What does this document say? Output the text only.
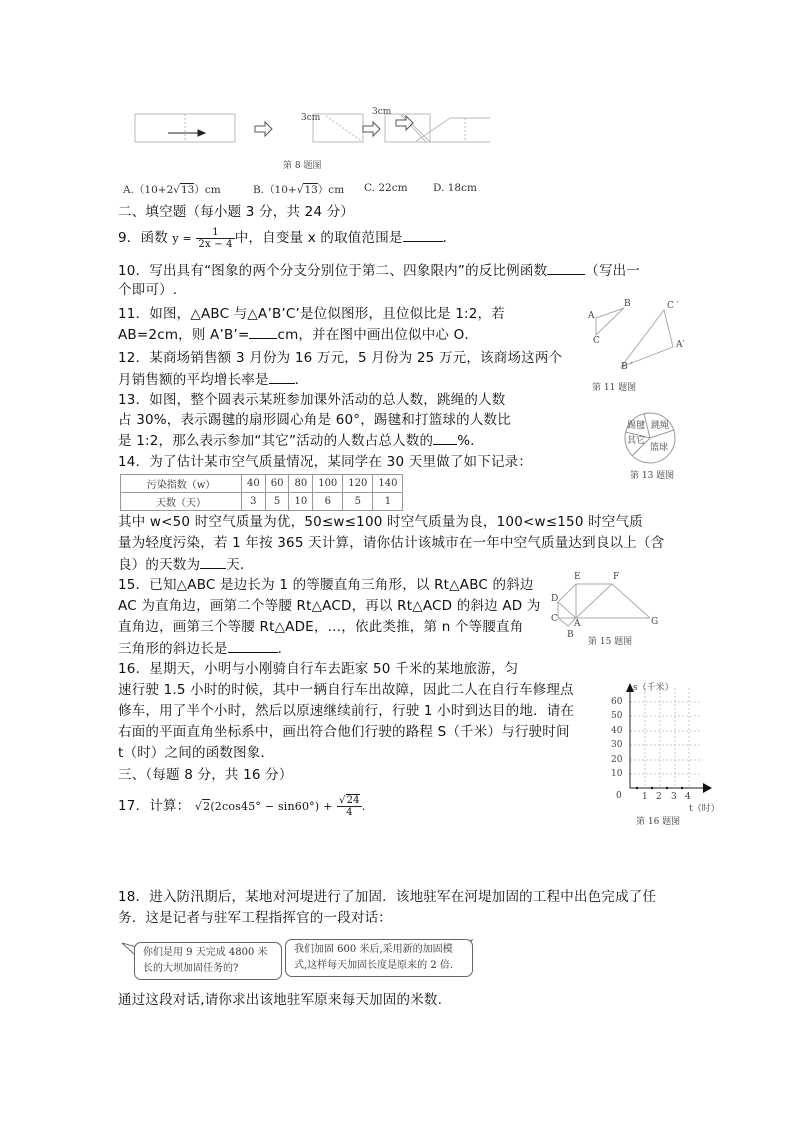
3cm
3cm
第 8 题图
A.（10+2√13）cm	B.（10+√13）cm C. 22cm D. 18cm
二、填空题（每小题 3 分，共 24 分）
9．函数 $y = \frac{1}{2x - 4}$ 中，自变量 x 的取值范围是	．
10．写出具有“图象的两个分支分别位于第二、四象限内”的反比例函数	（写出一
个即可）.
11．如图，△ABC 与△A’B’C’是位似图形，且位似比是 1:2，若
AB=2cm，则 A’B’= cm，并在图中画出位似中心 O．
A
B
C
C ′
A′
B ′
第 11 题图
12．某商场销售额 3 月份为 16 万元，5 月份为 25 万元，该商场这两个
月销售额的平均增长率是 ．
13．如图，整个圆表示某班参加课外活动的总人数，跳绳的人数
占 30%，表示踢毽的扇形圆心角是 60°，踢毽和打篮球的人数比
是 1:2，那么表示参加“其它”活动的人数占总人数的 %．
踢毽 跳绳
其它
篮球
第 13 题图
14．为了估计某市空气质量情况，某同学在 30 天里做了如下记录：
污染指数（w）	40	60	80	100	120	140
天数（天）	3	5	10	6	5	1
其中 w<50 时空气质量为优，50≤w≤100 时空气质量为良，100<w≤150 时空气质
量为轻度污染，若 1 年按 365 天计算，请你估计该城市在一年中空气质量达到良以上（含
良）的天数为 天．
15．已知△ABC 是边长为 1 的等腰直角三角形，以 Rt△ABC 的斜边
AC 为直角边，画第二个等腰 Rt△ACD，再以 Rt△ACD 的斜边 AD 为
直角边，画第三个等腰 Rt△ADE，…，依此类推，第 n 个等腰直角
三角形的斜边长是	．
A
B
C
D
E	F
G
第 15 题图
16．星期天，小明与小刚骑自行车去距家 50 千米的某地旅游，匀
速行驶 1.5 小时的时候，其中一辆自行车出故障，因此二人在自行车修理点
修车，用了半个小时，然后以原速继续前行，行驶 1 小时到达目的地．请在
右面的平面直角坐标系中，画出符合他们行驶的路程 S（千米）与行驶时间
t（时）之间的函数图象．
s（千米）
60
50
40
30
20
10
0 1 2 3 4
t（时）
第 16 题图
三、（每题 8 分，共 16 分）
17．计算： $√2(2\cos 45^\circ - \sin 60^\circ) + \frac{√24}{4}$ .
18．进入防汛期后，某地对河堤进行了加固．该地驻军在河堤加固的工程中出色完成了任
务．这是记者与驻军工程指挥官的一段对话：
你们是用 9 天完成 4800 米
长的大坝加固任务的?
我们加固 600 米后,采用新的加固模
式,这样每天加固长度是原来的 2 倍.
通过这段对话,请你求出该地驻军原来每天加固的米数.
